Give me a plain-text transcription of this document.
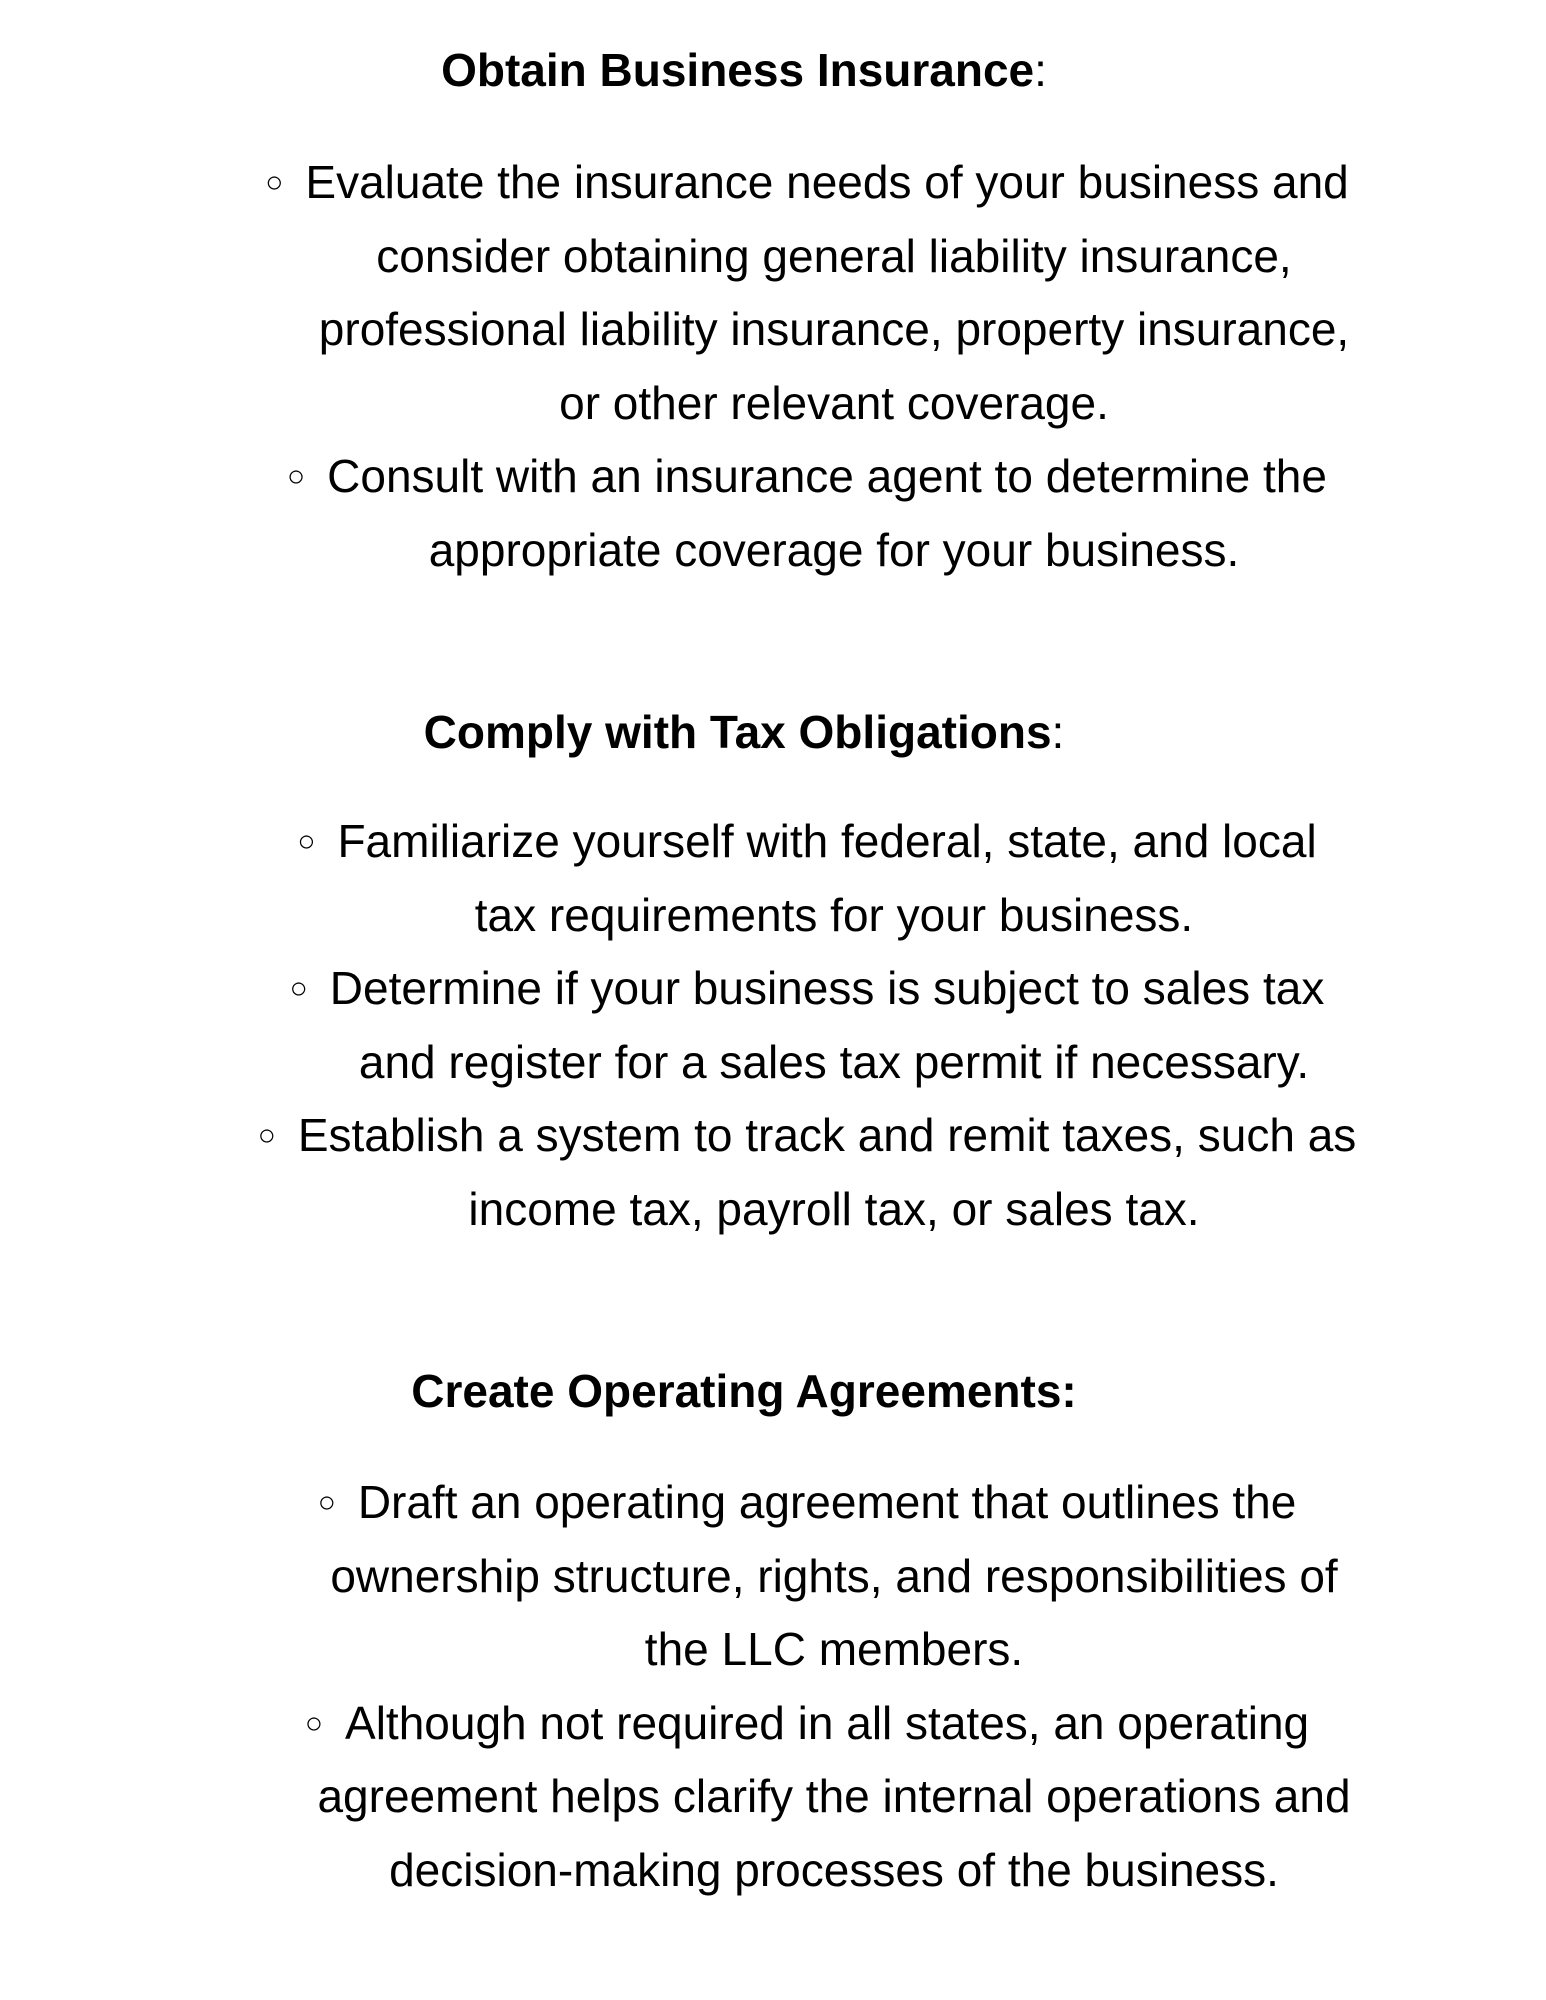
Obtain Business Insurance:
○ Evaluate the insurance needs of your business and
consider obtaining general liability insurance,
professional liability insurance, property insurance,
or other relevant coverage.
○ Consult with an insurance agent to determine the
appropriate coverage for your business.
Comply with Tax Obligations:
○ Familiarize yourself with federal, state, and local
tax requirements for your business.
○ Determine if your business is subject to sales tax
and register for a sales tax permit if necessary.
○ Establish a system to track and remit taxes, such as
income tax, payroll tax, or sales tax.
Create Operating Agreements:
○ Draft an operating agreement that outlines the
ownership structure, rights, and responsibilities of
the LLC members.
○ Although not required in all states, an operating
agreement helps clarify the internal operations and
decision-making processes of the business.
